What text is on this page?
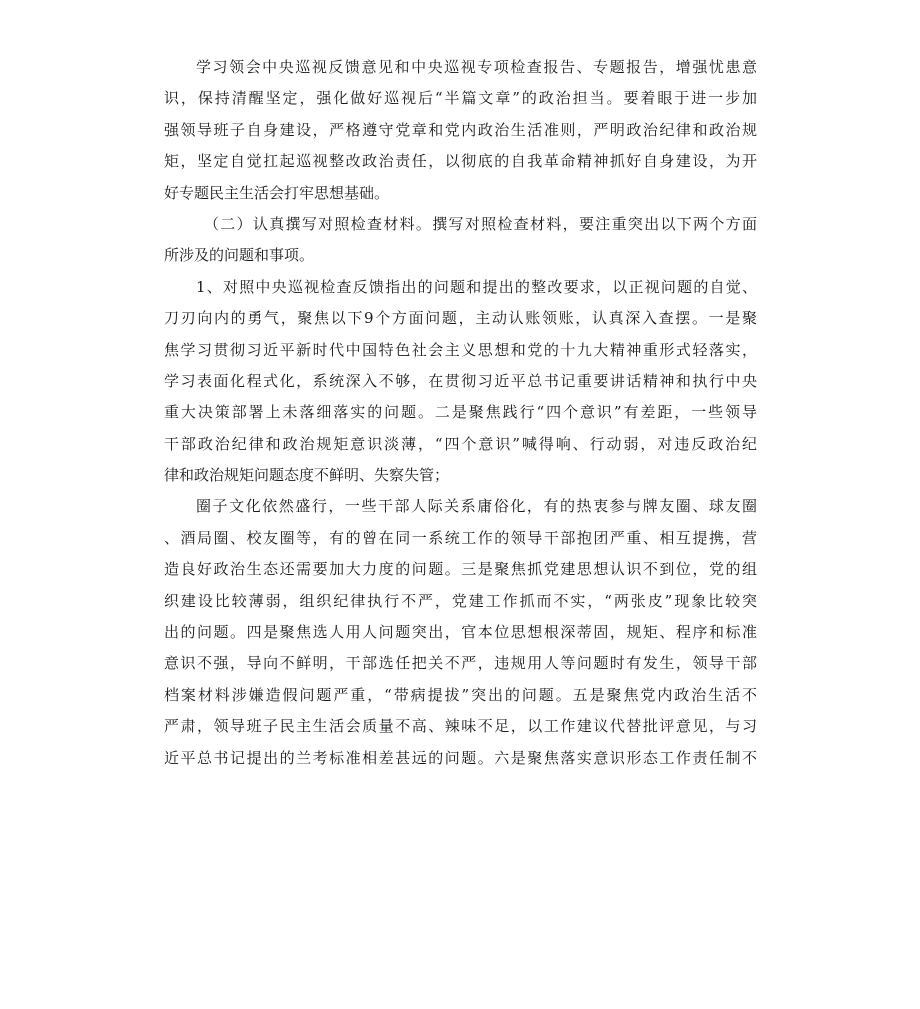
学习领会中央巡视反馈意见和中央巡视专项检查报告、专题报告，增强忧患意
识，保持清醒坚定，强化做好巡视后“半篇文章”的政治担当。要着眼于进一步加
强领导班子自身建设，严格遵守党章和党内政治生活准则，严明政治纪律和政治规
矩，坚定自觉扛起巡视整改政治责任，以彻底的自我革命精神抓好自身建设，为开
好专题民主生活会打牢思想基础。
（二）认真撰写对照检查材料。撰写对照检查材料，要注重突出以下两个方面
所涉及的问题和事项。
1、对照中央巡视检查反馈指出的问题和提出的整改要求，以正视问题的自觉、
刀刃向内的勇气，聚焦以下9个方面问题，主动认账领账，认真深入查摆。一是聚
焦学习贯彻习近平新时代中国特色社会主义思想和党的十九大精神重形式轻落实，
学习表面化程式化，系统深入不够，在贯彻习近平总书记重要讲话精神和执行中央
重大决策部署上未落细落实的问题。二是聚焦践行“四个意识”有差距，一些领导
干部政治纪律和政治规矩意识淡薄，“四个意识”喊得响、行动弱，对违反政治纪
律和政治规矩问题态度不鲜明、失察失管；
圈子文化依然盛行，一些干部人际关系庸俗化，有的热衷参与牌友圈、球友圈
、酒局圈、校友圈等，有的曾在同一系统工作的领导干部抱团严重、相互提携，营
造良好政治生态还需要加大力度的问题。三是聚焦抓党建思想认识不到位，党的组
织建设比较薄弱，组织纪律执行不严，党建工作抓而不实，“两张皮”现象比较突
出的问题。四是聚焦选人用人问题突出，官本位思想根深蒂固，规矩、程序和标准
意识不强，导向不鲜明，干部选任把关不严，违规用人等问题时有发生，领导干部
档案材料涉嫌造假问题严重，“带病提拔”突出的问题。五是聚焦党内政治生活不
严肃，领导班子民主生活会质量不高、辣味不足，以工作建议代替批评意见，与习
近平总书记提出的兰考标准相差甚远的问题。六是聚焦落实意识形态工作责任制不
